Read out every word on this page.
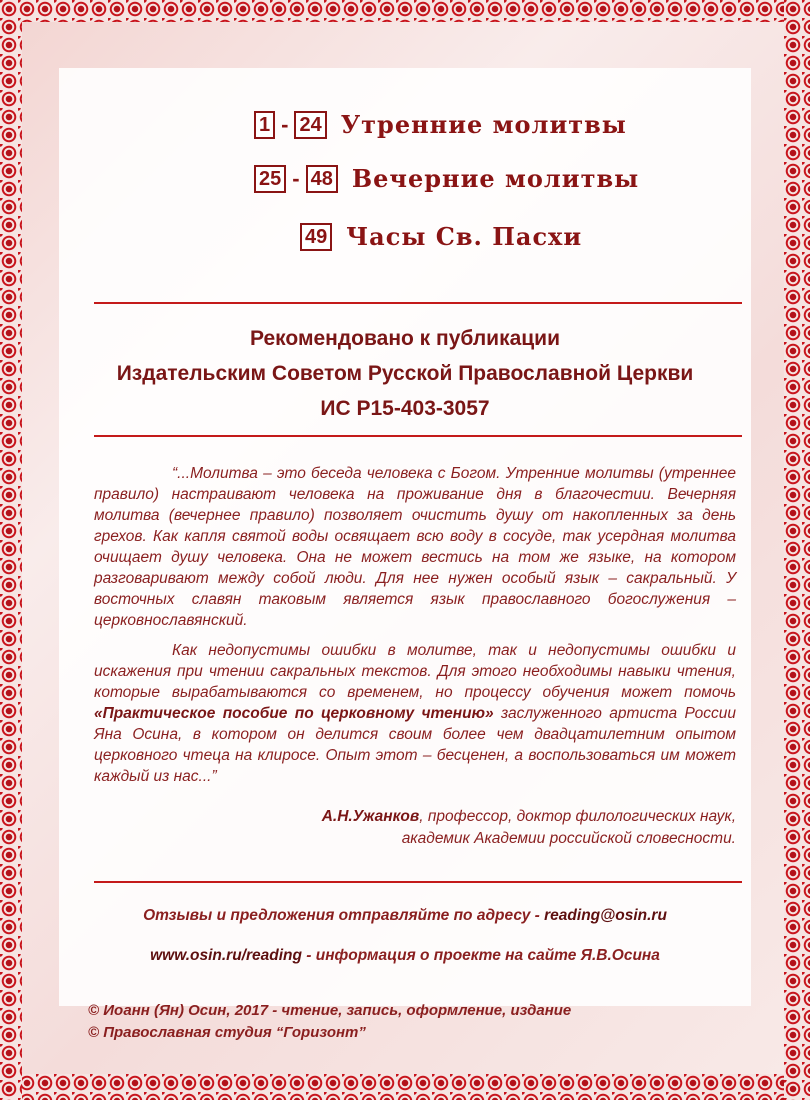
1 - 24 Утренние молитвы
25 - 48 Вечерние молитвы
49 Часы Св. Пасхи
Рекомендовано к публикации
Издательским Советом Русской Православной Церкви
ИС Р15-403-3057

“...Молитва – это беседа человека с Богом. Утренние молитвы (утреннее правило) настраивают человека на проживание дня в благочестии. Вечерняя молитва (вечернее правило) позволяет очистить душу от накопленных за день грехов. Как капля святой воды освящает всю воду в сосуде, так усердная молитва очищает душу человека. Она не может вестись на том же языке, на котором разговаривают между собой люди. Для нее нужен особый язык – сакральный. У восточных славян таковым является язык православного богослужения – церковнославянский.

Как недопустимы ошибки в молитве, так и недопустимы ошибки и искажения при чтении сакральных текстов. Для этого необходимы навыки чтения, которые вырабатываются со временем, но процессу обучения может помочь «Практическое пособие по церковному чтению» заслуженного артиста России Яна Осина, в котором он делится своим более чем двадцатилетним опытом церковного чтеца на клиросе. Опыт этот – бесценен, а воспользоваться им может каждый из нас...”

А.Н.Ужанков, профессор, доктор филологических наук,
академик Академии российской словесности.
Отзывы и предложения отправляйте по адресу - reading@osin.ru
www.osin.ru/reading - информация о проекте на сайте Я.В.Осина
© Иоанн (Ян) Осин, 2017 - чтение, запись, оформление, издание
© Православная студия “Горизонт”
